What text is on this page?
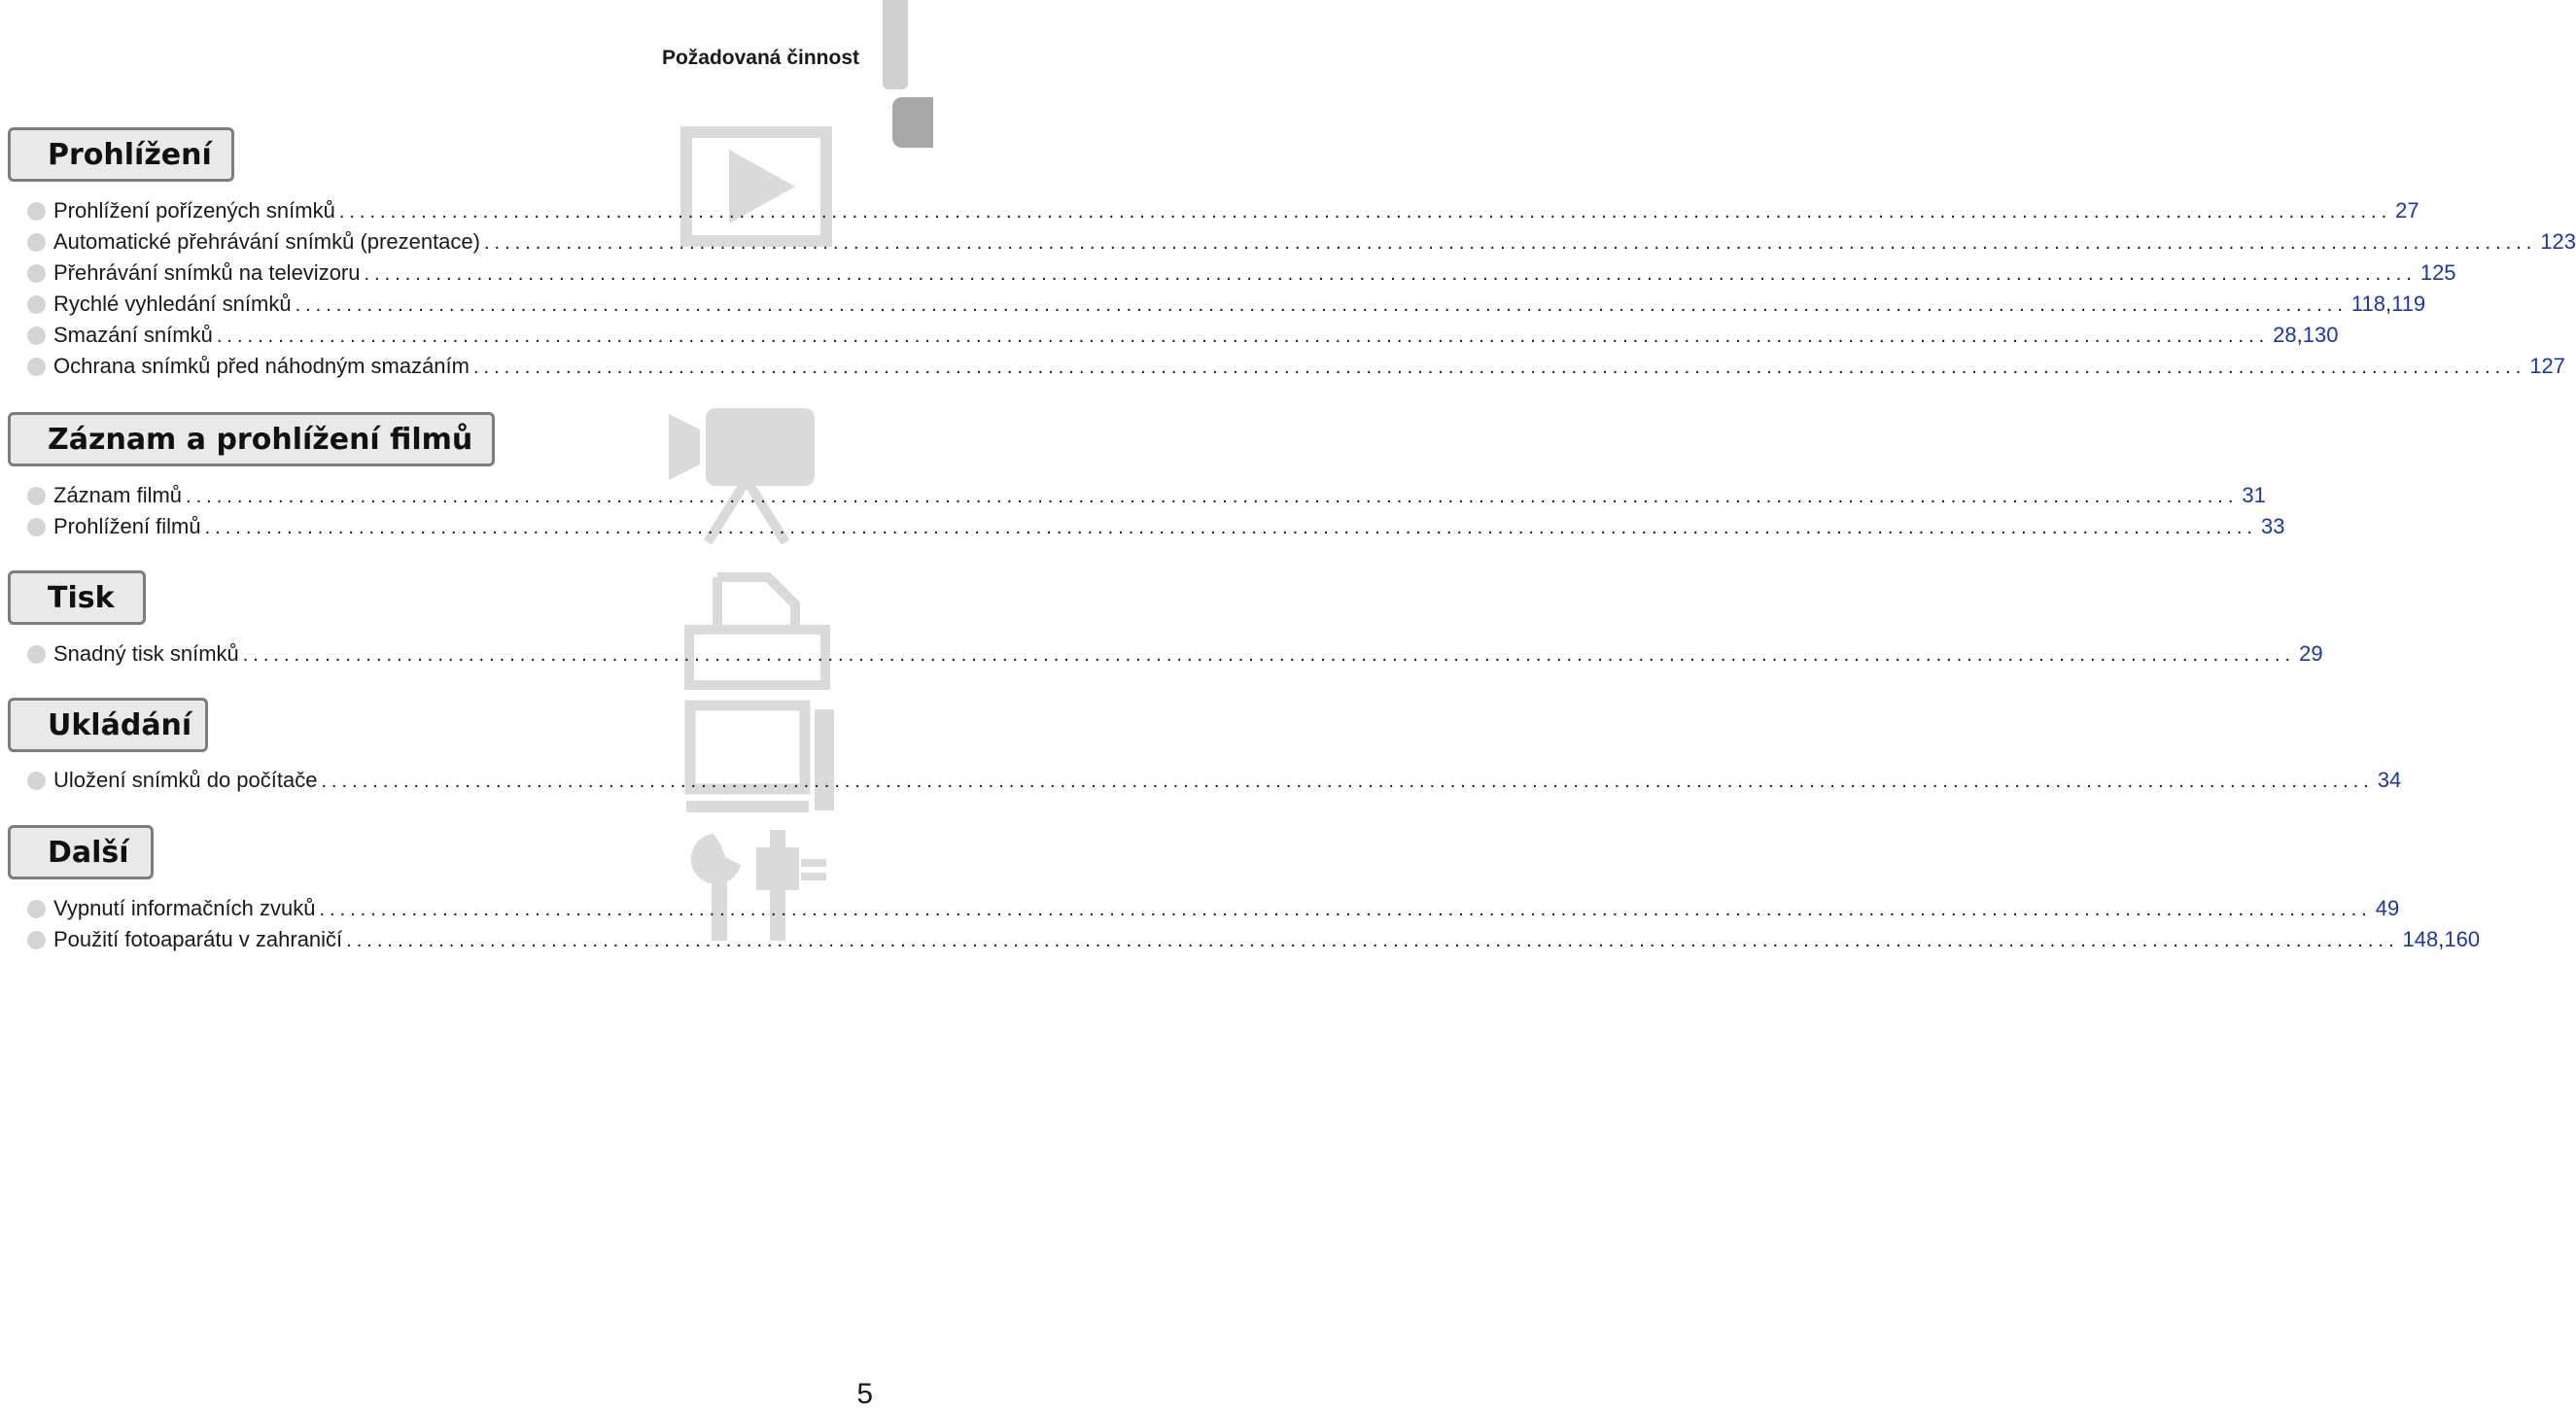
Požadovaná činnost
Prohlížení
Prohlížení pořízených snímků ........................................................................................................................................................................................................ 27
Automatické přehrávání snímků (prezentace) ........................................................................................................................................................................................................ 123
Přehrávání snímků na televizoru ........................................................................................................................................................................................................ 125
Rychlé vyhledání snímků ........................................................................................................................................................................................................ 118 , 119
Smazání snímků ........................................................................................................................................................................................................ 28 , 130
Ochrana snímků před náhodným smazáním ........................................................................................................................................................................................................ 127
Záznam a prohlížení filmů
Záznam filmů ........................................................................................................................................................................................................ 31
Prohlížení filmů ........................................................................................................................................................................................................ 33
Tisk
Snadný tisk snímků ........................................................................................................................................................................................................ 29
Ukládání
Uložení snímků do počítače ........................................................................................................................................................................................................ 34
Další
Vypnutí informačních zvuků ........................................................................................................................................................................................................ 49
Použití fotoaparátu v zahraničí ........................................................................................................................................................................................................ 148 , 160
5
